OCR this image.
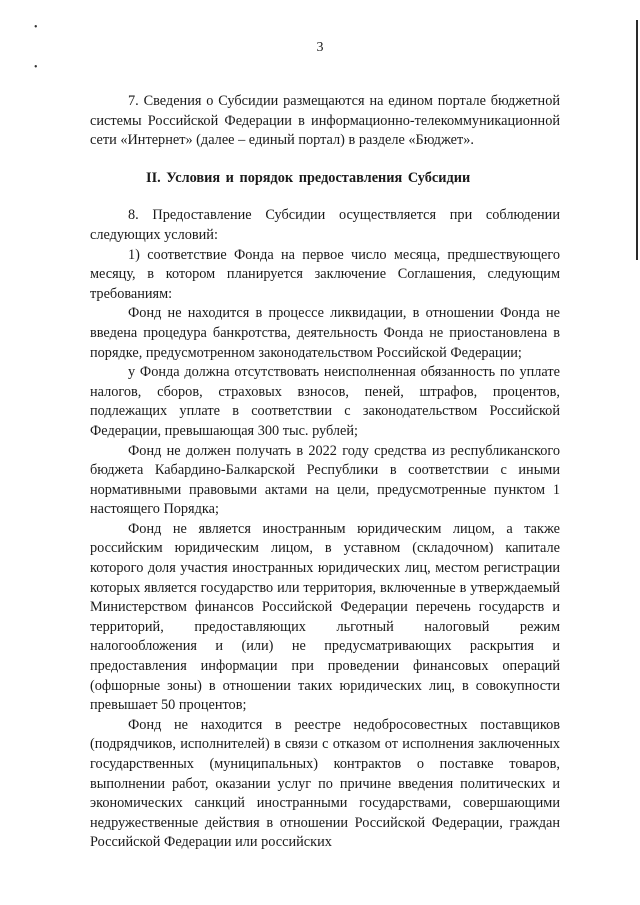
•
•
3

7. Сведения о Субсидии размещаются на едином портале бюджетной системы Российской Федерации в информационно-телекоммуникационной сети «Интернет» (далее – единый портал) в разделе «Бюджет».

II. Условия и порядок предоставления Субсидии

8. Предоставление Субсидии осуществляется при соблюдении следующих условий:

1) соответствие Фонда на первое число месяца, предшествующего месяцу, в котором планируется заключение Соглашения, следующим требованиям:

Фонд не находится в процессе ликвидации, в отношении Фонда не введена процедура банкротства, деятельность Фонда не приостановлена в порядке, предусмотренном законодательством Российской Федерации;

у Фонда должна отсутствовать неисполненная обязанность по уплате налогов, сборов, страховых взносов, пеней, штрафов, процентов, подлежащих уплате в соответствии с законодательством Российской Федерации, превышающая 300 тыс. рублей;

Фонд не должен получать в 2022 году средства из республиканского бюджета Кабардино-Балкарской Республики в соответствии с иными нормативными правовыми актами на цели, предусмотренные пунктом 1 настоящего Порядка;

Фонд не является иностранным юридическим лицом, а также российским юридическим лицом, в уставном (складочном) капитале которого доля участия иностранных юридических лиц, местом регистрации которых является государство или территория, включенные в утверждаемый Министерством финансов Российской Федерации перечень государств и территорий, предоставляющих льготный налоговый режим налогообложения и (или) не предусматривающих раскрытия и предоставления информации при проведении финансовых операций (офшорные зоны) в отношении таких юридических лиц, в совокупности превышает 50 процентов;

Фонд не находится в реестре недобросовестных поставщиков (подрядчиков, исполнителей) в связи с отказом от исполнения заключенных государственных (муниципальных) контрактов о поставке товаров, выполнении работ, оказании услуг по причине введения политических и экономических санкций иностранными государствами, совершающими недружественные действия в отношении Российской Федерации, граждан Российской Федерации или российских
